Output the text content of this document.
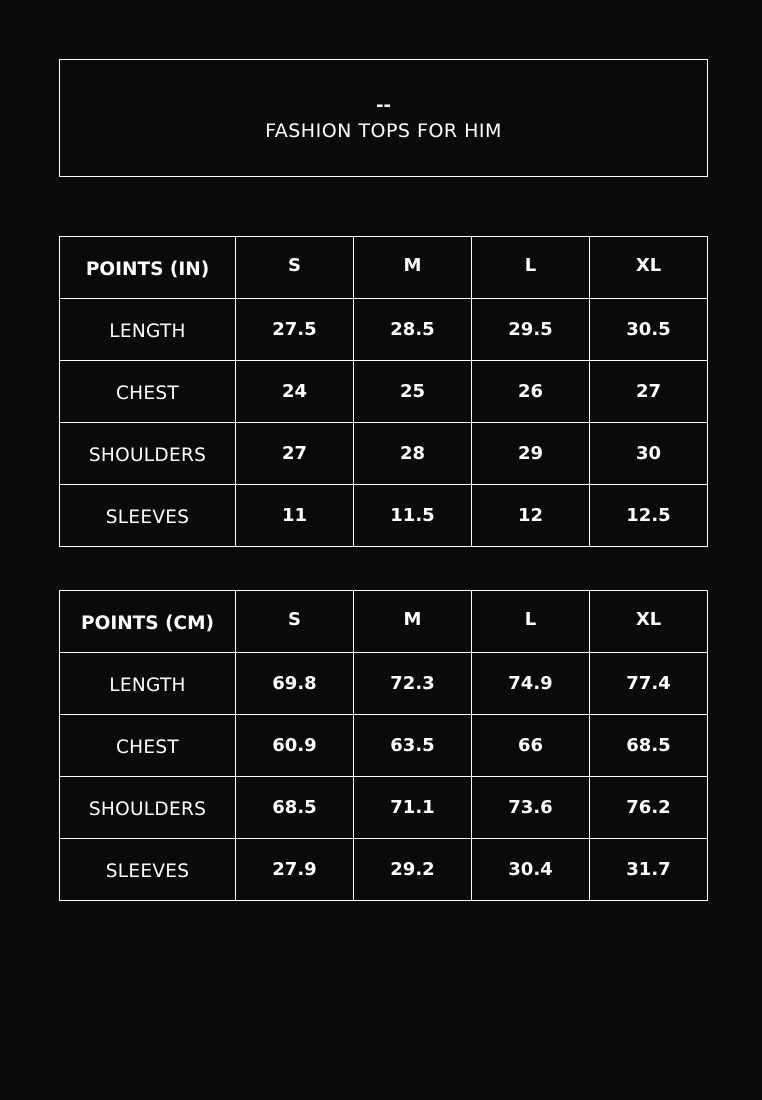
--
FASHION TOPS FOR HIM
POINTS (IN)	S	M	L	XL
LENGTH	27.5	28.5	29.5	30.5
CHEST	24	25	26	27
SHOULDERS	27	28	29	30
SLEEVES	11	11.5	12	12.5
POINTS (CM)	S	M	L	XL
LENGTH	69.8	72.3	74.9	77.4
CHEST	60.9	63.5	66	68.5
SHOULDERS	68.5	71.1	73.6	76.2
SLEEVES	27.9	29.2	30.4	31.7
